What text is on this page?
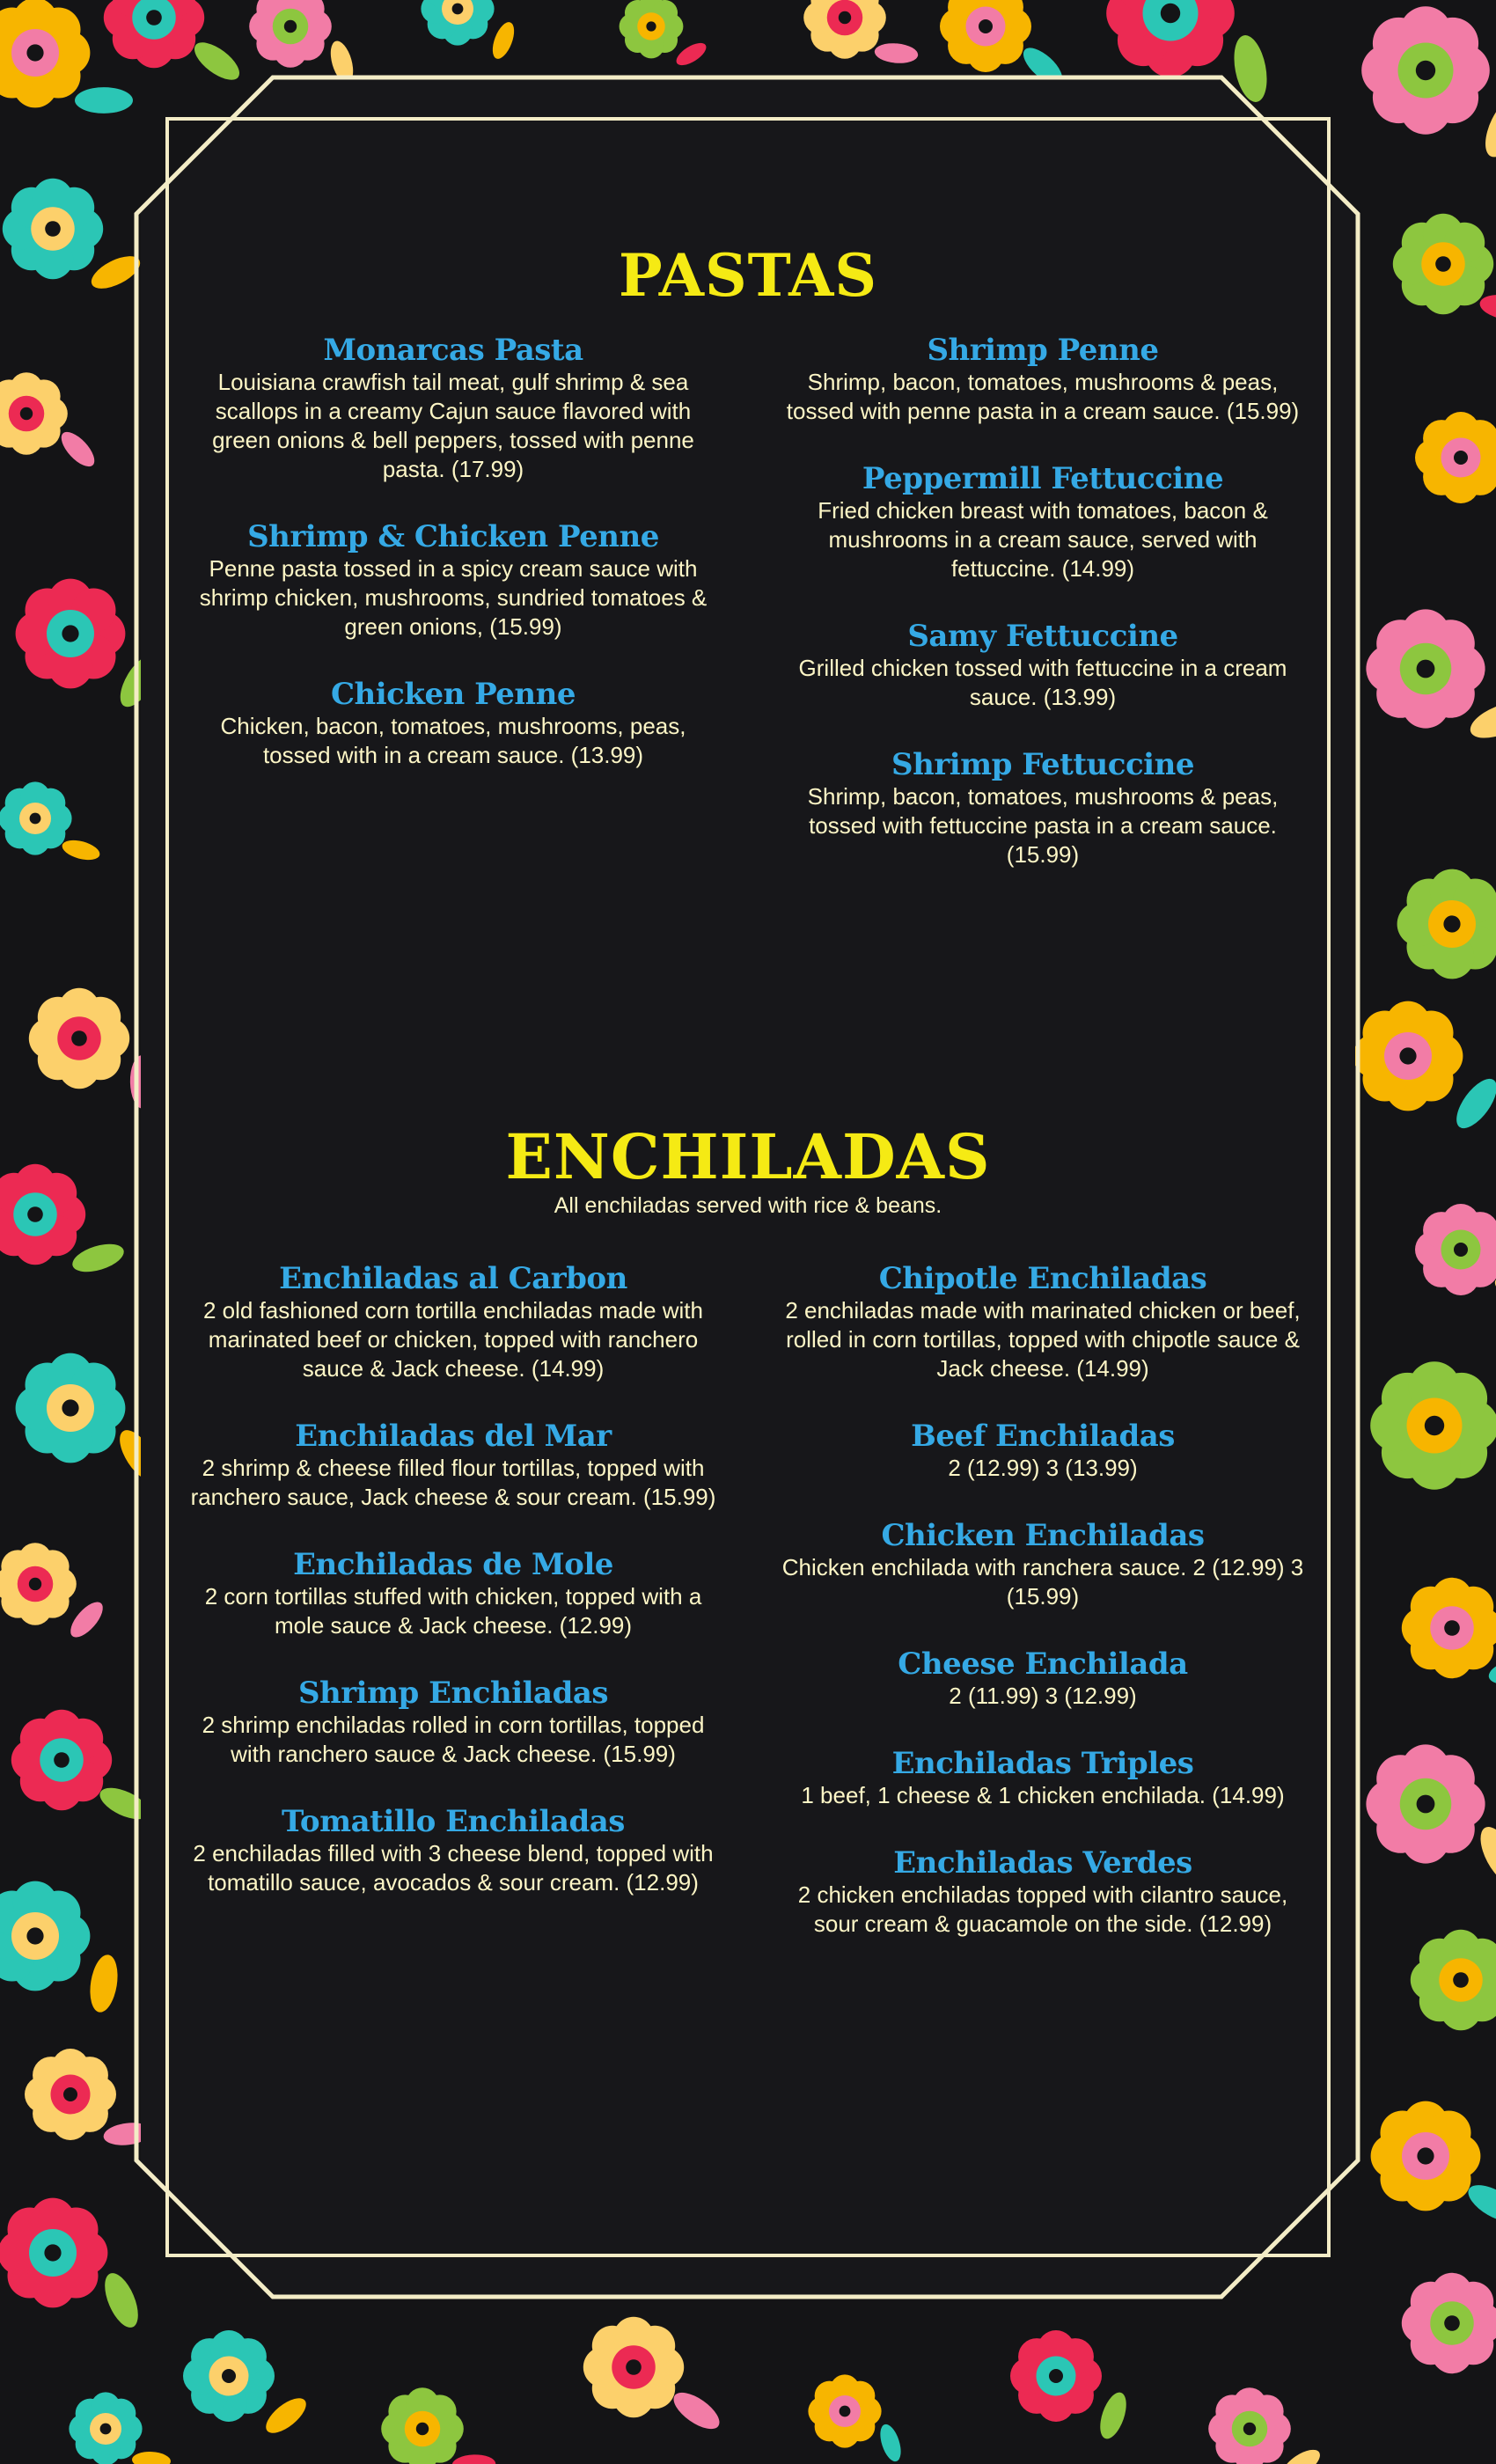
PASTAS
Monarcas Pasta
Louisiana crawfish tail meat, gulf shrimp & sea scallops in a creamy Cajun sauce flavored with green onions & bell peppers, tossed with penne pasta. (17.99)
Shrimp & Chicken Penne
Penne pasta tossed in a spicy cream sauce with shrimp chicken, mushrooms, sundried tomatoes & green onions, (15.99)
Chicken Penne
Chicken, bacon, tomatoes, mushrooms, peas, tossed with in a cream sauce. (13.99)
Shrimp Penne
Shrimp, bacon, tomatoes, mushrooms & peas, tossed with penne pasta in a cream sauce. (15.99)
Peppermill Fettuccine
Fried chicken breast with tomatoes, bacon & mushrooms in a cream sauce, served with fettuccine. (14.99)
Samy Fettuccine
Grilled chicken tossed with fettuccine in a cream sauce. (13.99)
Shrimp Fettuccine
Shrimp, bacon, tomatoes, mushrooms & peas, tossed with fettuccine pasta in a cream sauce.(15.99)
ENCHILADAS
All enchiladas served with rice & beans.
Enchiladas al Carbon
2 old fashioned corn tortilla enchiladas made with marinated beef or chicken, topped with ranchero sauce & Jack cheese. (14.99)
Enchiladas del Mar
2 shrimp & cheese filled flour tortillas, topped with ranchero sauce, Jack cheese & sour cream. (15.99)
Enchiladas de Mole
2 corn tortillas stuffed with chicken, topped with a mole sauce & Jack cheese. (12.99)
Shrimp Enchiladas
2 shrimp enchiladas rolled in corn tortillas, topped with ranchero sauce & Jack cheese. (15.99)
Tomatillo Enchiladas
2 enchiladas filled with 3 cheese blend, topped with tomatillo sauce, avocados & sour cream. (12.99)
Chipotle Enchiladas
2 enchiladas made with marinated chicken or beef, rolled in corn tortillas, topped with chipotle sauce & Jack cheese. (14.99)
Beef Enchiladas
2 (12.99) 3 (13.99)
Chicken Enchiladas
Chicken enchilada with ranchera sauce. 2 (12.99) 3 (15.99)
Cheese Enchilada
2 (11.99) 3 (12.99)
Enchiladas Triples
1 beef, 1 cheese & 1 chicken enchilada. (14.99)
Enchiladas Verdes
2 chicken enchiladas topped with cilantro sauce, sour cream & guacamole on the side. (12.99)
